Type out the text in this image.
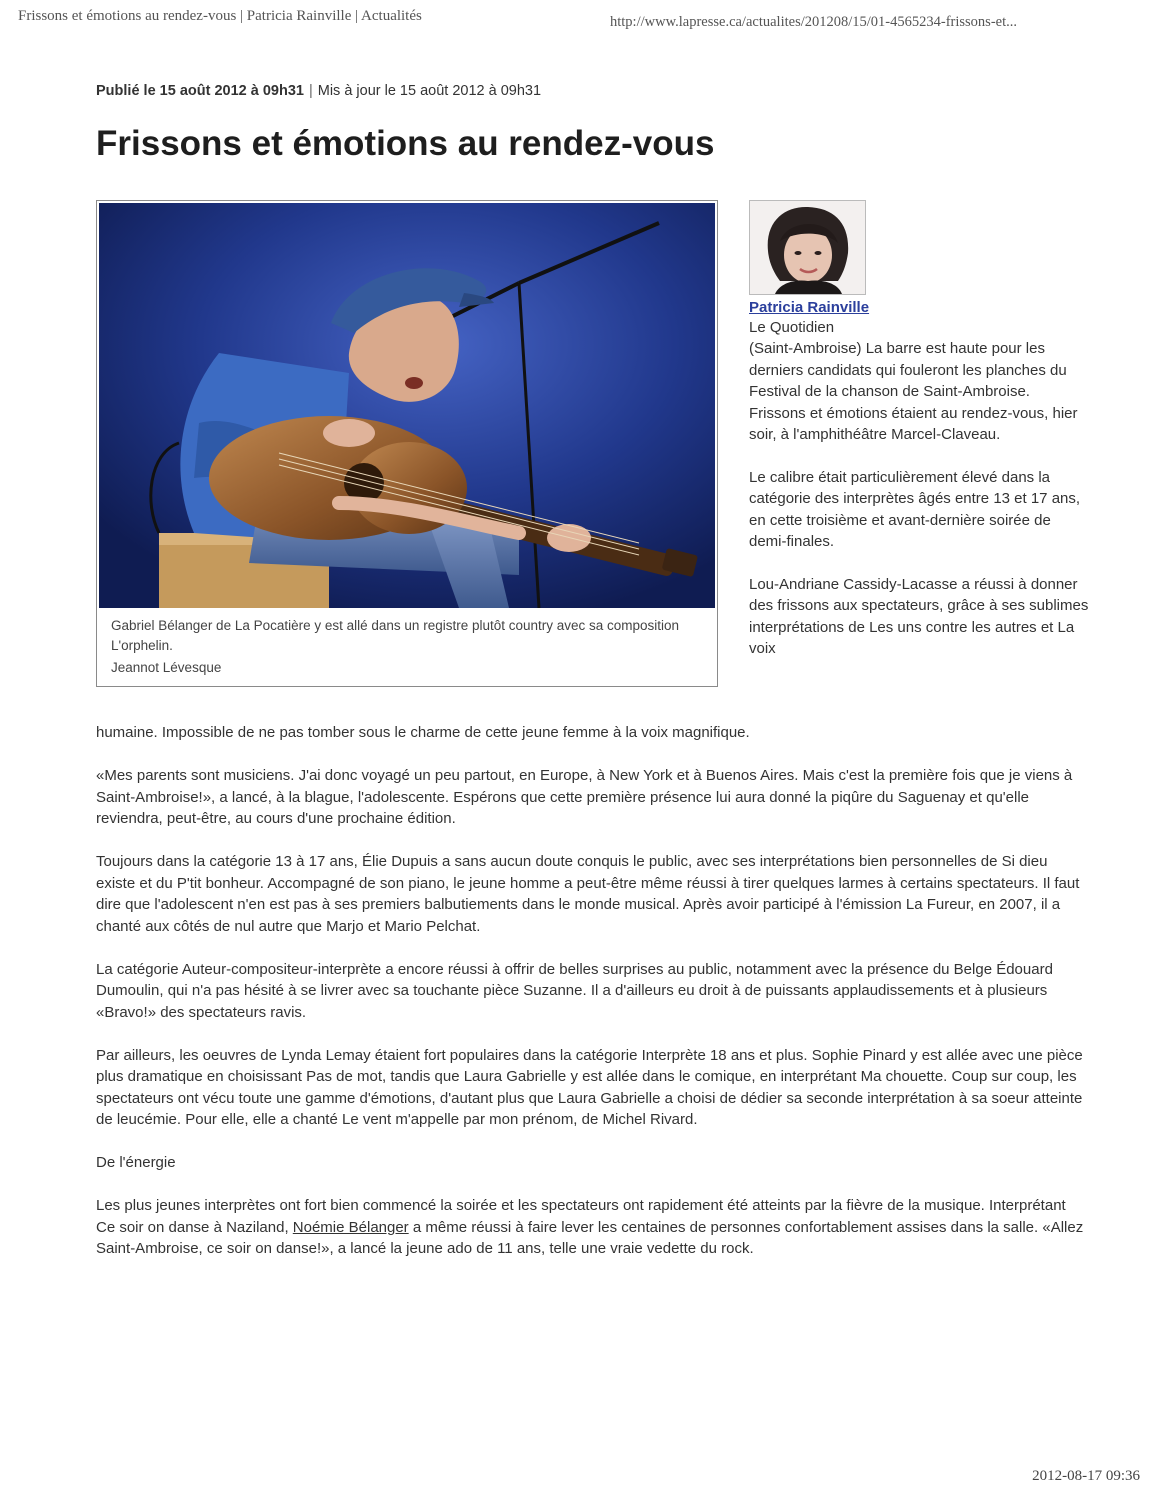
Frissons et émotions au rendez-vous | Patricia Rainville | Actualités	http://www.lapresse.ca/actualites/201208/15/01-4565234-frissons-et...
Publié le 15 août 2012 à 09h31 | Mis à jour le 15 août 2012 à 09h31
Frissons et émotions au rendez-vous
Gabriel Bélanger de La Pocatière y est allé dans un registre plutôt country avec sa composition L'orphelin.
Jeannot Lévesque
Patricia Rainville
Le Quotidien

(Saint-Ambroise) La barre est haute pour les derniers candidats qui fouleront les planches du Festival de la chanson de Saint-Ambroise. Frissons et émotions étaient au rendez-vous, hier soir, à l'amphithéâtre Marcel-Claveau.

Le calibre était particulièrement élevé dans la catégorie des interprètes âgés entre 13 et 17 ans, en cette troisième et avant-dernière soirée de demi-finales.

Lou-Andriane Cassidy-Lacasse a réussi à donner des frissons aux spectateurs, grâce à ses sublimes interprétations de Les uns contre les autres et La voix

humaine. Impossible de ne pas tomber sous le charme de cette jeune femme à la voix magnifique.

«Mes parents sont musiciens. J'ai donc voyagé un peu partout, en Europe, à New York et à Buenos Aires. Mais c'est la première fois que je viens à Saint-Ambroise!», a lancé, à la blague, l'adolescente. Espérons que cette première présence lui aura donné la piqûre du Saguenay et qu'elle reviendra, peut-être, au cours d'une prochaine édition.

Toujours dans la catégorie 13 à 17 ans, Élie Dupuis a sans aucun doute conquis le public, avec ses interprétations bien personnelles de Si dieu existe et du P'tit bonheur. Accompagné de son piano, le jeune homme a peut-être même réussi à tirer quelques larmes à certains spectateurs. Il faut dire que l'adolescent n'en est pas à ses premiers balbutiements dans le monde musical. Après avoir participé à l'émission La Fureur, en 2007, il a chanté aux côtés de nul autre que Marjo et Mario Pelchat.

La catégorie Auteur-compositeur-interprète a encore réussi à offrir de belles surprises au public, notamment avec la présence du Belge Édouard Dumoulin, qui n'a pas hésité à se livrer avec sa touchante pièce Suzanne. Il a d'ailleurs eu droit à de puissants applaudissements et à plusieurs «Bravo!» des spectateurs ravis.

Par ailleurs, les oeuvres de Lynda Lemay étaient fort populaires dans la catégorie Interprète 18 ans et plus. Sophie Pinard y est allée avec une pièce plus dramatique en choisissant Pas de mot, tandis que Laura Gabrielle y est allée dans le comique, en interprétant Ma chouette. Coup sur coup, les spectateurs ont vécu toute une gamme d'émotions, d'autant plus que Laura Gabrielle a choisi de dédier sa seconde interprétation à sa soeur atteinte de leucémie. Pour elle, elle a chanté Le vent m'appelle par mon prénom, de Michel Rivard.

De l'énergie

Les plus jeunes interprètes ont fort bien commencé la soirée et les spectateurs ont rapidement été atteints par la fièvre de la musique. Interprétant Ce soir on danse à Naziland, Noémie Bélanger a même réussi à faire lever les centaines de personnes confortablement assises dans la salle. «Allez Saint-Ambroise, ce soir on danse!», a lancé la jeune ado de 11 ans, telle une vraie vedette du rock.

2012-08-17 09:36
